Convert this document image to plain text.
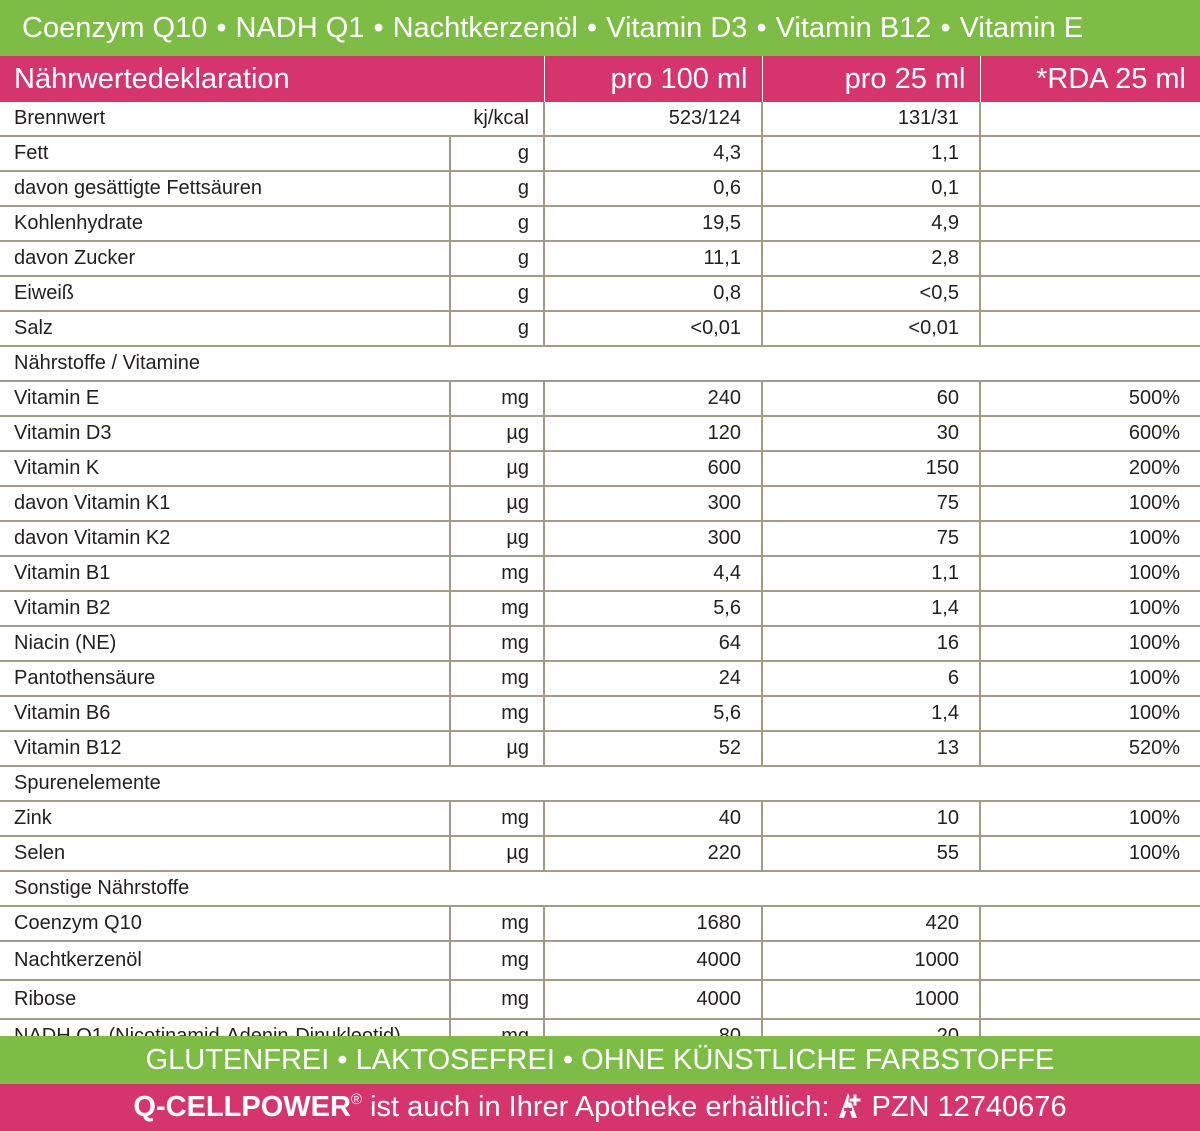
Coenzym Q10 • NADH Q1 • Nachtkerzenöl • Vitamin D3 • Vitamin B12 • Vitamin E
Nährwertedeklaration		pro 100 ml	pro 25 ml	*RDA 25 ml
Brennwert	kj/kcal	523/124	131/31	
Fett	g	4,3	1,1	
davon gesättigte Fettsäuren	g	0,6	0,1	
Kohlenhydrate	g	19,5	4,9	
davon Zucker	g	11,1	2,8	
Eiweiß	g	0,8	<0,5	
Salz	g	<0,01	<0,01	
Nährstoffe / Vitamine				
Vitamin E	mg	240	60	500%
Vitamin D3	µg	120	30	600%
Vitamin K	µg	600	150	200%
davon Vitamin K1	µg	300	75	100%
davon Vitamin K2	µg	300	75	100%
Vitamin B1	mg	4,4	1,1	100%
Vitamin B2	mg	5,6	1,4	100%
Niacin (NE)	mg	64	16	100%
Pantothensäure	mg	24	6	100%
Vitamin B6	mg	5,6	1,4	100%
Vitamin B12	µg	52	13	520%
Spurenelemente				
Zink	mg	40	10	100%
Selen	µg	220	55	100%
Sonstige Nährstoffe				
Coenzym Q10	mg	1680	420	
Nachtkerzenöl	mg	4000	1000	
Ribose	mg	4000	1000	

GLUTENFREI • LAKTOSEFREI • OHNE KÜNSTLICHE FARBSTOFFE
Q-CELLPOWER® ist auch in Ihrer Apotheke erhältlich: PZN 12740676
